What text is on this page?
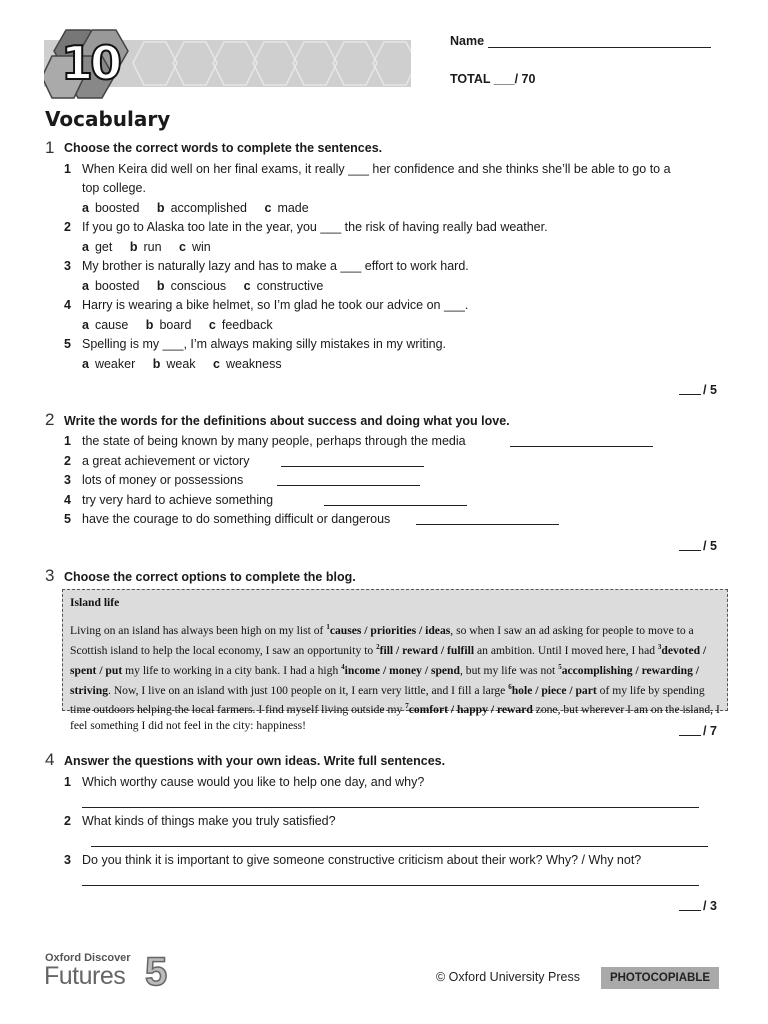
10	Name
TOTAL ___/ 70
Vocabulary
1 Choose the correct words to complete the sentences.
1 When Keira did well on her final exams, it really ___ her confidence and she thinks she’ll be able to go to a
top college.
a boosted b accomplished c made
2 If you go to Alaska too late in the year, you ___ the risk of having really bad weather.
a get b run c win
3 My brother is naturally lazy and has to make a ___ effort to work hard.
a boosted b conscious c constructive
4 Harry is wearing a bike helmet, so I’m glad he took our advice on ___.
a cause b board c feedback
5 Spelling is my ___, I’m always making silly mistakes in my writing.
a weaker b weak c weakness
/ 5
2 Write the words for the definitions about success and doing what you love.
1 the state of being known by many people, perhaps through the media
2 a great achievement or victory
3 lots of money or possessions
4 try very hard to achieve something
5 have the courage to do something difficult or dangerous
/ 5
3 Choose the correct options to complete the blog.
Island life
Living on an island has always been high on my list of $^1$causes / priorities / ideas, so when I saw an ad asking for people to move to a Scottish island to help the local economy, I saw an opportunity to $^2$fill / reward / fulfill an ambition. Until I moved here, I had $^3$devoted / spent / put my life to working in a city bank. I had a high $^4$income / money / spend, but my life was not $^5$accomplishing / rewarding / striving. Now, I live on an island with just 100 people on it, I earn very little, and I fill a large $^6$hole / piece / part of my life by spending time outdoors helping the local farmers. I find myself living outside my $^7$comfort / happy / reward zone, but wherever I am on the island, I feel something I did not feel in the city: happiness!	/ 7
4 Answer the questions with your own ideas. Write full sentences.
1 Which worthy cause would you like to help one day, and why?
2 What kinds of things make you truly satisfied?
3 Do you think it is important to give someone constructive criticism about their work? Why? / Why not?
/ 3
Oxford Discover
Futures 5	© Oxford University Press	PHOTOCOPIABLE
